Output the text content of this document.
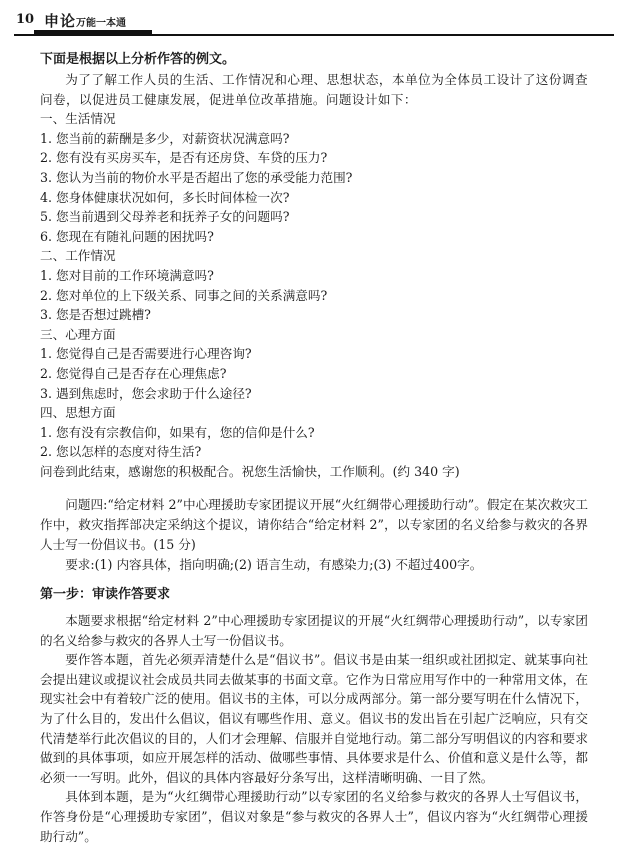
10 申论万能一本通
下面是根据以上分析作答的例文。
为了了解工作人员的生活、工作情况和心理、思想状态，本单位为全体员工设计了这份调查问卷，以促进员工健康发展，促进单位改革措施。问题设计如下：
一、生活情况
1. 您当前的薪酬是多少，对薪资状况满意吗?
2. 您有没有买房买车，是否有还房贷、车贷的压力?
3. 您认为当前的物价水平是否超出了您的承受能力范围?
4. 您身体健康状况如何，多长时间体检一次?
5. 您当前遇到父母养老和抚养子女的问题吗?
6. 您现在有随礼问题的困扰吗?
二、工作情况
1. 您对目前的工作环境满意吗?
2. 您对单位的上下级关系、同事之间的关系满意吗?
3. 您是否想过跳槽?
三、心理方面
1. 您觉得自己是否需要进行心理咨询?
2. 您觉得自己是否存在心理焦虑?
3. 遇到焦虑时，您会求助于什么途径?
四、思想方面
1. 您有没有宗教信仰，如果有，您的信仰是什么?
2. 您以怎样的态度对待生活?
问卷到此结束，感谢您的积极配合。祝您生活愉快，工作顺利。(约 340 字)
问题四:“给定材料 2”中心理援助专家团提议开展“火红绸带心理援助行动”。假定在某次救灾工作中，救灾指挥部决定采纳这个提议，请你结合“给定材料 2”，以专家团的名义给参与救灾的各界人士写一份倡议书。(15 分)
要求:(1) 内容具体，指向明确;(2) 语言生动，有感染力;(3) 不超过400字。
第一步：审读作答要求
本题要求根据“给定材料 2”中心理援助专家团提议的开展“火红绸带心理援助行动”，以专家团的名义给参与救灾的各界人士写一份倡议书。
要作答本题，首先必须弄清楚什么是“倡议书”。倡议书是由某一组织或社团拟定、就某事向社会提出建议或提议社会成员共同去做某事的书面文章。它作为日常应用写作中的一种常用文体，在现实社会中有着较广泛的使用。倡议书的主体，可以分成两部分。第一部分要写明在什么情况下，为了什么目的，发出什么倡议，倡议有哪些作用、意义。倡议书的发出旨在引起广泛响应，只有交代清楚举行此次倡议的目的，人们才会理解、信服并自觉地行动。第二部分写明倡议的内容和要求做到的具体事项，如应开展怎样的活动、做哪些事情、具体要求是什么、价值和意义是什么等，都必须一一写明。此外，倡议的具体内容最好分条写出，这样清晰明确、一目了然。
具体到本题，是为“火红绸带心理援助行动”以专家团的名义给参与救灾的各界人士写倡议书，作答身份是“心理援助专家团”，倡议对象是“参与救灾的各界人士”，倡议内容为“火红绸带心理援助行动”。
